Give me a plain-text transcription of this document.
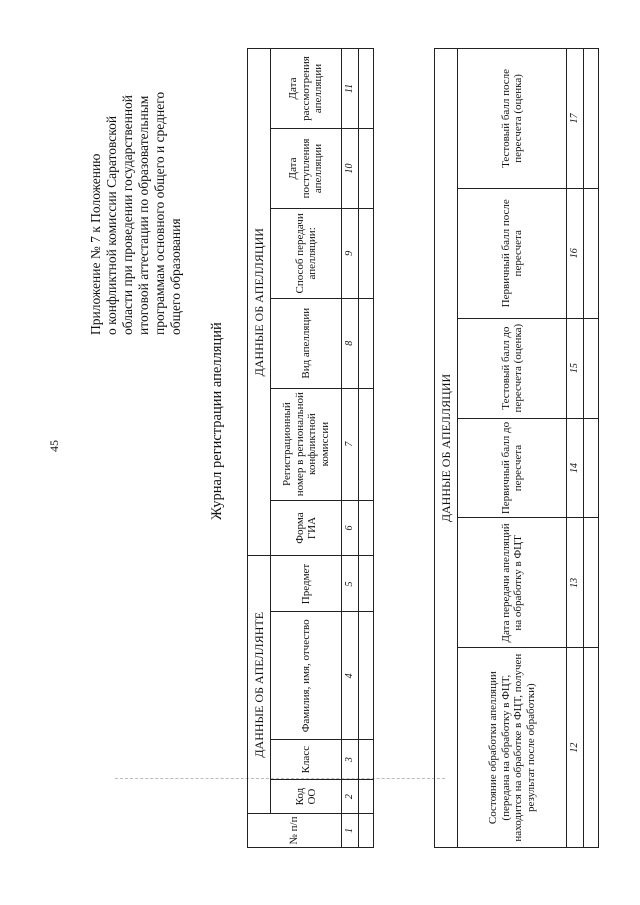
45
Приложение № 7 к Положению о конфликтной комиссии Саратовской области при проведении государственной итоговой аттестации по образовательным программам основного общего и среднего общего образования
Журнал регистрации апелляций
№ п/п	ДАННЫЕ ОБ АПЕЛЛЯНТЕ				ДАННЫЕ ОБ АПЕЛЛЯЦИИ					
	Код ОО	Класс	Фамилия, имя, отчество	Предмет	Форма ГИА	Регистрационный номер в региональной конфликтной комиссии	Вид апелляции	Способ передачи апелляции:	Дата поступления апелляции	Дата рассмотрения апелляции
1	2	3	4	5	6	7	8	9	10	11

ДАННЫЕ ОБ АПЕЛЛЯЦИИ					
Состояние обработки апелляции (передана на обработку в ФЦТ, находится на обработке в ФЦТ, получен результат после обработки)	Дата передачи апелляций на обработку в ФЦТ	Первичный балл до пересчета	Тестовый балл до пересчета (оценка)	Первичный балл после пересчета	Тестовый балл после пересчета (оценка)
12	13	14	15	16	17
